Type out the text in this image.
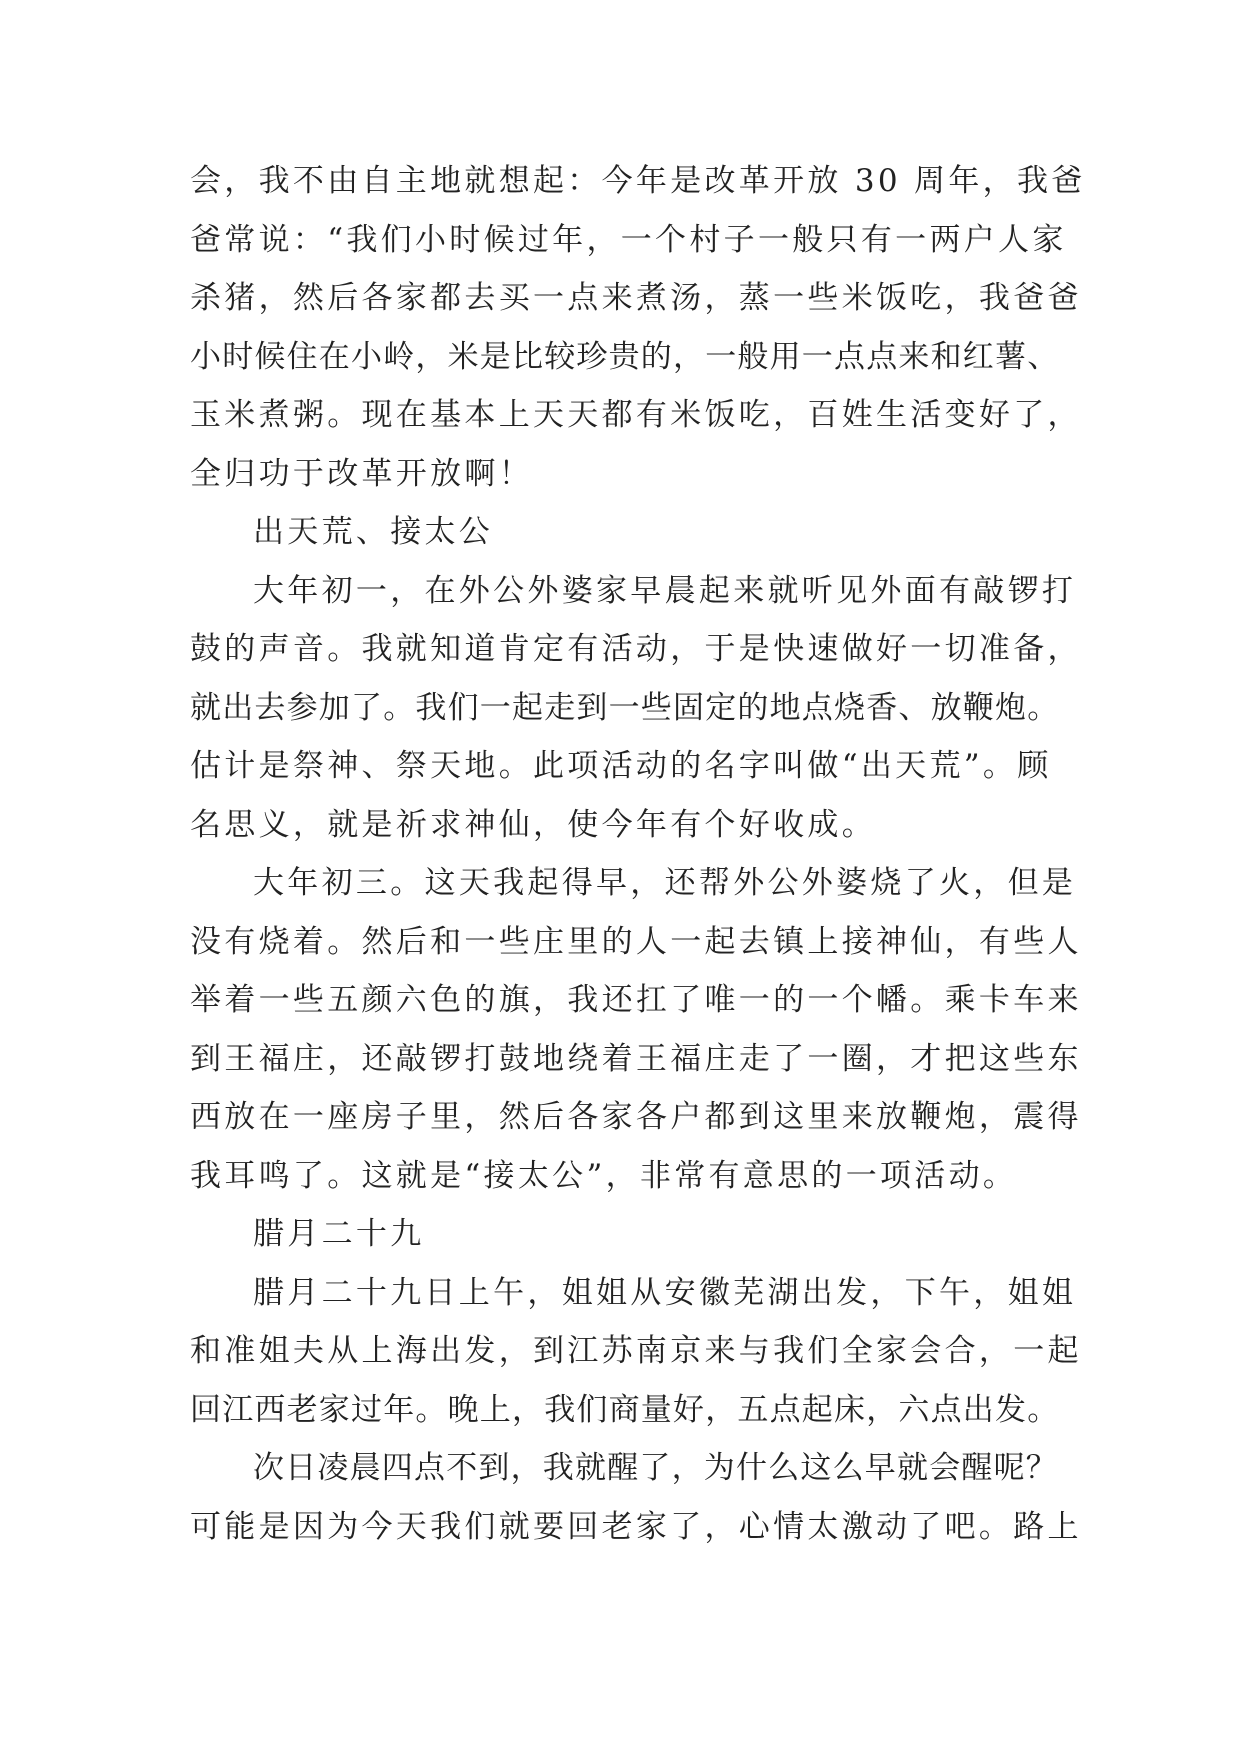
会，我不由自主地就想起：今年是改革开放 30 周年，我爸
爸常说：“我们小时候过年，一个村子一般只有一两户人家
杀猪，然后各家都去买一点来煮汤，蒸一些米饭吃，我爸爸
小时候住在小岭，米是比较珍贵的，一般用一点点来和红薯、
玉米煮粥。现在基本上天天都有米饭吃，百姓生活变好了，
全归功于改革开放啊！
出天荒、接太公
大年初一，在外公外婆家早晨起来就听见外面有敲锣打
鼓的声音。我就知道肯定有活动，于是快速做好一切准备，
就出去参加了。我们一起走到一些固定的地点烧香、放鞭炮。
估计是祭神、祭天地。此项活动的名字叫做“出天荒”。顾
名思义，就是祈求神仙，使今年有个好收成。
大年初三。这天我起得早，还帮外公外婆烧了火，但是
没有烧着。然后和一些庄里的人一起去镇上接神仙，有些人
举着一些五颜六色的旗，我还扛了唯一的一个幡。乘卡车来
到王福庄，还敲锣打鼓地绕着王福庄走了一圈，才把这些东
西放在一座房子里，然后各家各户都到这里来放鞭炮，震得
我耳鸣了。这就是“接太公”，非常有意思的一项活动。
腊月二十九
腊月二十九日上午，姐姐从安徽芜湖出发，下午，姐姐
和准姐夫从上海出发，到江苏南京来与我们全家会合，一起
回江西老家过年。晚上，我们商量好，五点起床，六点出发。
次日凌晨四点不到，我就醒了，为什么这么早就会醒呢？
可能是因为今天我们就要回老家了，心情太激动了吧。路上
